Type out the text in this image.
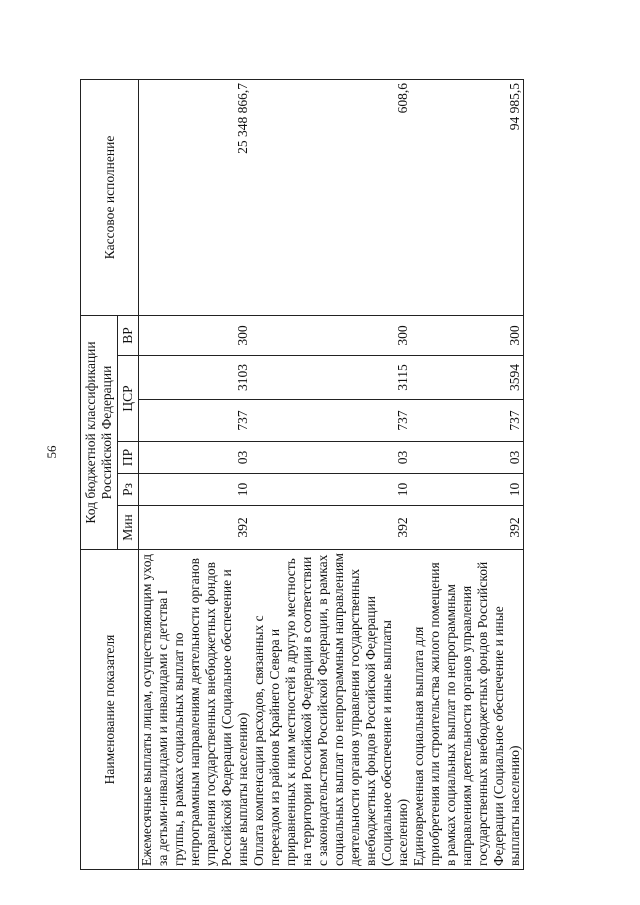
56
Наименование показателя	Код бюджетной классификации Российской Федерации						Кассовое исполнение
	Мин	Рз	ПР	ЦСР		ВР	
Ежемесячные выплаты лицам, осуществляющим уход за детьми-инвалидами и инвалидами с детства I группы, в рамках социальных выплат по непрограммным направлениям деятельности органов управления государственных внебюджетных фондов Российской Федерации (Социальное обеспечение и иные выплаты населению)	392	10	03	737	3103	300	25 348 866,7
Оплата компенсации расходов, связанных с переездом из районов Крайнего Севера и приравненных к ним местностей в другую местность на территории Российской Федерации в соответствии с законодательством Российской Федерации, в рамках социальных выплат по непрограммным направлениям деятельности органов управления государственных внебюджетных фондов Российской Федерации (Социальное обеспечение и иные выплаты населению)	392	10	03	737	3115	300	608,6
Единовременная социальная выплата для приобретения или строительства жилого помещения в рамках социальных выплат по непрограммным направлениям деятельности органов управления государственных внебюджетных фондов Российской Федерации (Социальное обеспечение и иные выплаты населению)	392	10	03	737	3594	300	94 985,5
